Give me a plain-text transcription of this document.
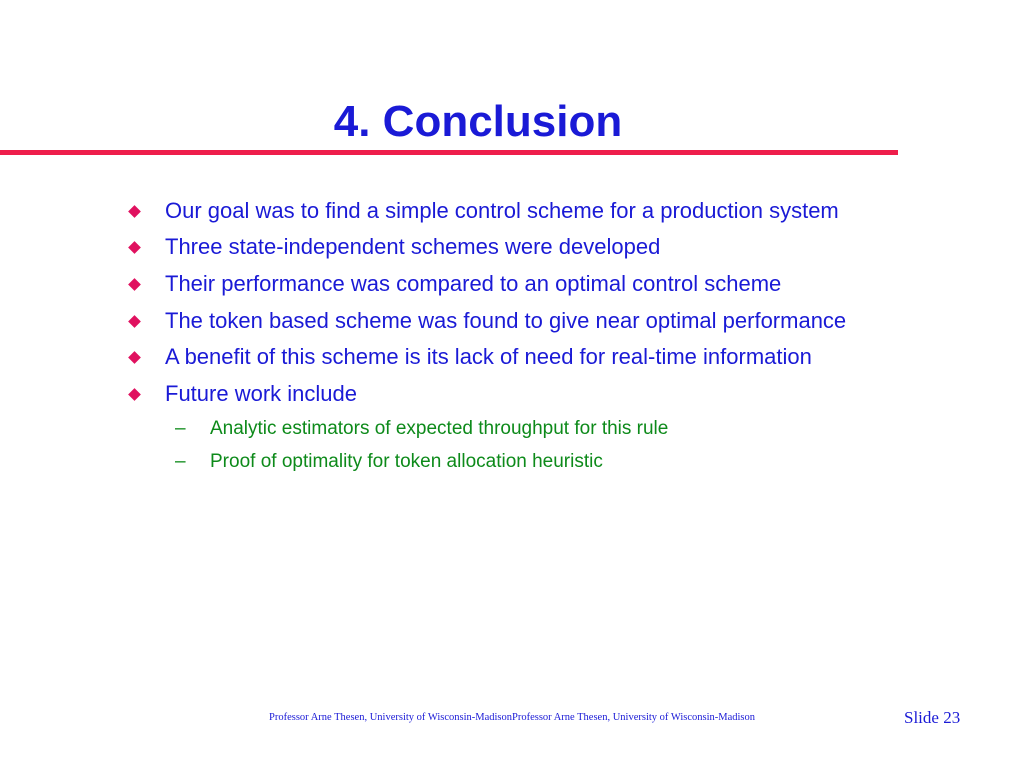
4. Conclusion
Our goal was to find a simple control scheme for a production system
Three state-independent schemes were developed
Their performance was compared to an optimal control scheme
The token based scheme was found to give near optimal performance
A benefit of this scheme is its lack of need for real-time information
Future work include
– Analytic estimators of expected throughput for this rule
– Proof of optimality for token allocation heuristic
Professor Arne Thesen, University of Wisconsin-MadisonProfessor Arne Thesen, University of Wisconsin-Madison	Slide 23
